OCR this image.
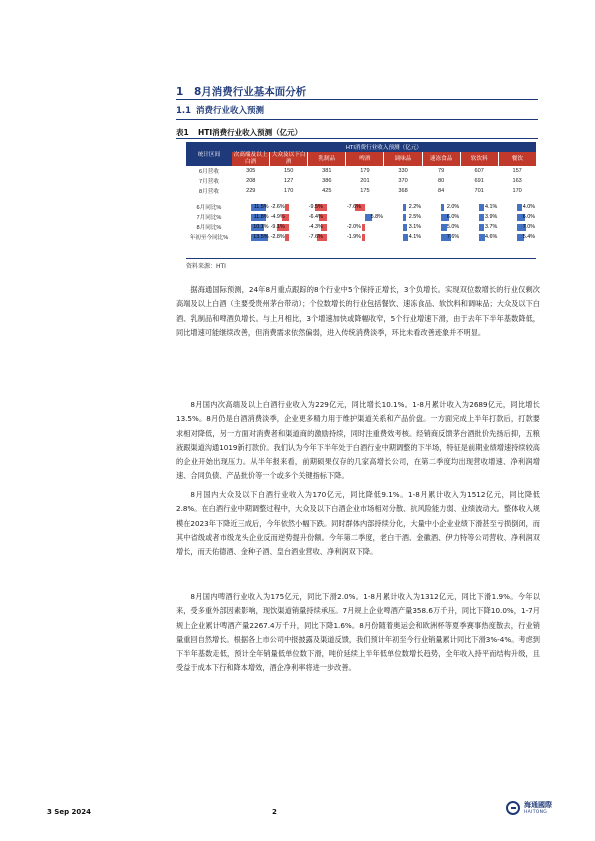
1 8月消费行业基本面分析
1.1 消费行业收入预测
表1 HTI消费行业收入预测（亿元）
统计区间	HTI消费行业收入预测（亿元）							
	次高端及以上白酒	大众及以下白酒	乳制品	啤酒	调味品	速冻食品	软饮料	餐饮
6月营收	305	150	381	179	330	79	607	157
7月营收	208	127	386	201	370	80	691	163
8月营收	229	170	425	175	368	84	701	170

6月同比%	11.5%	-2.6%	-9.5%	-7.6%	2.2%	2.0%	4.1%	4.0%

7月同比%	11.8%	-4.9%	-6.4%	5.8%	2.5%	6.0%	3.9%	6.0%

8月同比%	10.1%	-9.1%	-4.3%	-2.0%	3.1%	5.0%	3.7%	7.0%

年初至今同比%	13.5%	-2.8%	-7.6%	-1.9%	4.1%	7.6%	4.6%	5.4%
资料来源：HTI
据海通国际预测，24年8月重点跟踪的8个行业中5个保持正增长，3个负增长。实现双位数增长的行业仅剩次高端及以上白酒（主要受贵州茅台带动）；个位数增长的行业包括餐饮、速冻食品、软饮料和调味品；大众及以下白酒、乳制品和啤酒负增长。与上月相比，3个增速加快或降幅收窄，5个行业增速下滑，由于去年下半年基数降低，同比增速可能继续改善，但消费需求依然偏弱，进入传统消费淡季，环比未看改善迹象并不明显。
8月国内次高端及以上白酒行业收入为229亿元，同比增长10.1%。1-8月累计收入为2689亿元，同比增长13.5%。8月仍是白酒消费淡季，企业更多精力用于维护渠道关系和产品价盘。一方面完成上半年打款后，打款要求相对降低，另一方面对消费者和渠道商的激励持续，同时注重费效考核。经销商反馈茅台酒批价先扬后抑，五粮液跟渠道沟通1019新打款价。我们认为今年下半年处于白酒行业中期调整的下半场，特征是前期业绩增速持续较高的企业开始出现压力。从半年报来看，前期硕果仅存的几家高增长公司，在第二季度均出现营收增速、净利润增速、合同负债、产品批价等一个或多个关键指标下降。
8月国内大众及以下白酒行业收入为170亿元，同比降低9.1%。1-8月累计收入为1512亿元，同比降低2.8%。在白酒行业中期调整过程中，大众及以下白酒企业市场相对分散、抗风险能力弱、业绩波动大。整体收入规模在2023年下降近三成后，今年依然小幅下跌。同时群体内部持续分化，大量中小企业业绩下滑甚至亏损倒闭，而其中省级或者市级龙头企业反而逆势提升份额。今年第二季度，老白干酒、金徽酒、伊力特等公司营收、净利润双增长，而天佑德酒、金种子酒、皇台酒业营收、净利润双下降。
8月国内啤酒行业收入为175亿元，同比下滑2.0%。1-8月累计收入为1312亿元，同比下滑1.9%。今年以来，受多重外部因素影响，现饮渠道销量持续承压。7月规上企业啤酒产量358.6万千升，同比下降10.0%，1-7月规上企业累计啤酒产量2267.4万千升，同比下降1.6%。8月份随着奥运会和欧洲杯等夏季赛事热度散去，行业销量重回自然增长。根据各上市公司中报披露及渠道反馈，我们预计年初至今行业销量累计同比下滑3%-4%。考虑到下半年基数走低，预计全年销量低单位数下滑，吨价延续上半年低单位数增长趋势，全年收入持平而结构升级，且受益于成本下行和降本增效，酒企净利率将进一步改善。
3 Sep 2024	2
海通國際
HAITONG
